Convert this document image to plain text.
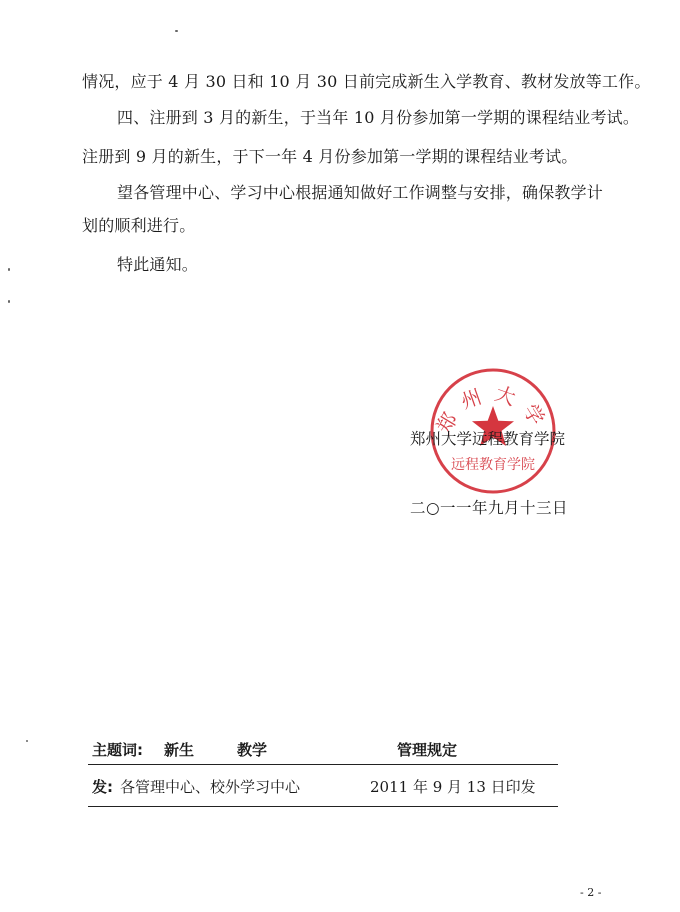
情况，应于 4 月 30 日和 10 月 30 日前完成新生入学教育、教材发放等工作。
四、注册到 3 月的新生，于当年 10 月份参加第一学期的课程结业考试。
注册到 9 月的新生，于下一年 4 月份参加第一学期的课程结业考试。
望各管理中心、学习中心根据通知做好工作调整与安排，确保教学计
划的顺利进行。
特此通知。
郑州大学
远程教育学院
郑州大学远程教育学院
二○一一年九月十三日
主题词: 新生	教学	管理规定
发: 各管理中心、校外学习中心	2011 年 9 月 13 日印发
- 2 -
